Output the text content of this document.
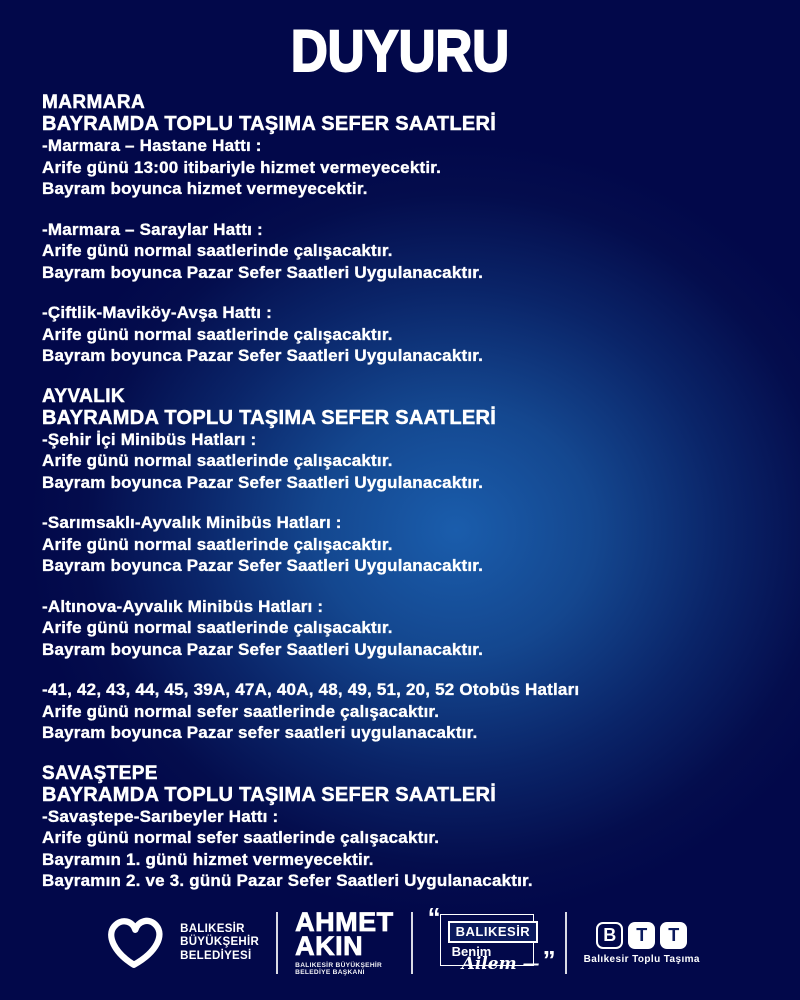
DUYURU
MARMARA
BAYRAMDA TOPLU TAŞIMA SEFER SAATLERİ
-Marmara – Hastane Hattı :
Arife günü 13:00 itibariyle hizmet vermeyecektir.
Bayram boyunca hizmet vermeyecektir.
-Marmara – Saraylar Hattı :
Arife günü normal saatlerinde çalışacaktır.
Bayram boyunca Pazar Sefer Saatleri Uygulanacaktır.
-Çiftlik-Maviköy-Avşa Hattı :
Arife günü normal saatlerinde çalışacaktır.
Bayram boyunca Pazar Sefer Saatleri Uygulanacaktır.
AYVALIK
BAYRAMDA TOPLU TAŞIMA SEFER SAATLERİ
-Şehir İçi Minibüs Hatları :
Arife günü normal saatlerinde çalışacaktır.
Bayram boyunca Pazar Sefer Saatleri Uygulanacaktır.
-Sarımsaklı-Ayvalık Minibüs Hatları :
Arife günü normal saatlerinde çalışacaktır.
Bayram boyunca Pazar Sefer Saatleri Uygulanacaktır.
-Altınova-Ayvalık Minibüs Hatları :
Arife günü normal saatlerinde çalışacaktır.
Bayram boyunca Pazar Sefer Saatleri Uygulanacaktır.
-41, 42, 43, 44, 45, 39A, 47A, 40A, 48, 49, 51, 20, 52 Otobüs Hatları
Arife günü normal sefer saatlerinde çalışacaktır.
Bayram boyunca Pazar sefer saatleri uygulanacaktır.
SAVAŞTEPE
BAYRAMDA TOPLU TAŞIMA SEFER SAATLERİ
-Savaştepe-Sarıbeyler Hattı :
Arife günü normal sefer saatlerinde çalışacaktır.
Bayramın 1. günü hizmet vermeyecektir.
Bayramın 2. ve 3. günü Pazar Sefer Saatleri Uygulanacaktır.
BALIKESİR
BÜYÜKŞEHİR
BELEDİYESİ
AHMET
AKIN
BALIKESİR BÜYÜKŞEHİR
BELEDİYE BAŞKANI
“	BALIKESİR
Benim
Ailem — ”
B	T	T
Balıkesir Toplu Taşıma
